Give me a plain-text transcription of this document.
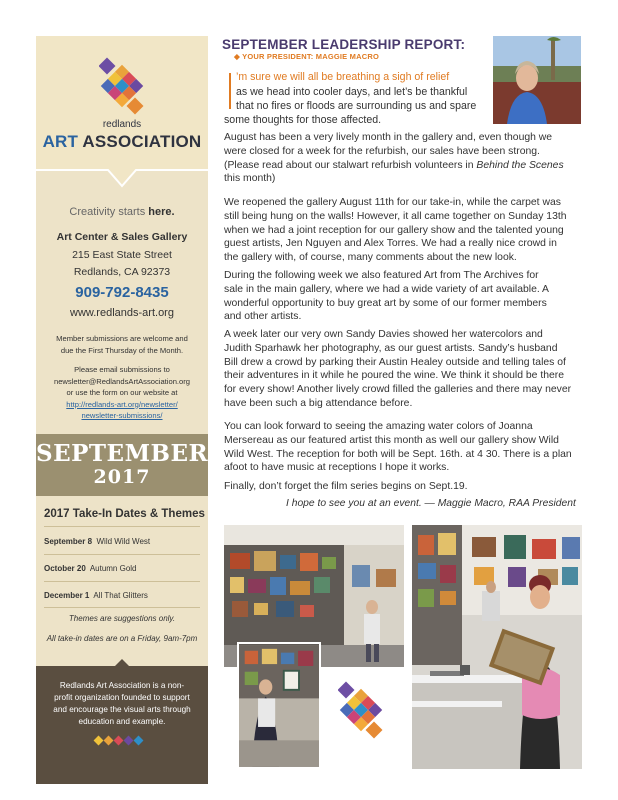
redlands
ART ASSOCIATION
Creativity starts here.
Art Center & Sales Gallery
215 East State Street
Redlands, CA 92373
909-792-8435
www.redlands-art.org
Member submissions are welcome and
due the First Thursday of the Month.
Please email submissions to
newsletter@RedlandsArtAssociation.org
or use the form on our website at
http://redlands-art.org/newsletter/
newsletter-submissions/
SEPTEMBER
2017
2017 Take-In Dates & Themes
September 8 Wild Wild West
October 20 Autumn Gold
December 1 All That Glitters
Themes are suggestions only.
All take-in dates are on a Friday, 9am-7pm
Redlands Art Association is a non-
profit organization founded to support
and encourage the visual arts through
education and example.
SEPTEMBER LEADERSHIP REPORT:
◆ YOUR PRESIDENT: MAGGIE MACRO
’m sure we will all be breathing a sigh of relief
as we head into cooler days, and let’s be thankful
that no fires or floods are surrounding us and spare
some thoughts for those affected.
August has been a very lively month in the gallery and, even though we
were closed for a week for the refurbish, our sales have been strong.
(Please read about our stalwart refurbish volunteers in Behind the Scenes
this month)
We reopened the gallery August 11th for our take-in, while the carpet was
still being hung on the walls! However, it all came together on Sunday 13th
when we had a joint reception for our gallery show and the talented young
guest artists, Jen Nguyen and Alex Torres. We had a really nice crowd in
the gallery with, of course, many comments about the new look.
During the following week we also featured Art from The Archives for
sale in the main gallery, where we had a wide variety of art available. A
wonderful opportunity to buy great art by some of our former members
and other artists.
A week later our very own Sandy Davies showed her watercolors and
Judith Sparhawk her photography, as our guest artists. Sandy’s husband
Bill drew a crowd by parking their Austin Healey outside and telling tales of
their adventures in it while he poured the wine. We think it should be there
for every show! Another lively crowd filled the galleries and there may never
have been such a big attendance before.
You can look forward to seeing the amazing water colors of Joanna
Mersereau as our featured artist this month as well our gallery show Wild
Wild West. The reception for both will be Sept. 16th. at 4 30. There is a plan
afoot to have music at receptions I hope it works.
Finally, don’t forget the film series begins on Sept.19.
I hope to see you at an event. — Maggie Macro, RAA President
